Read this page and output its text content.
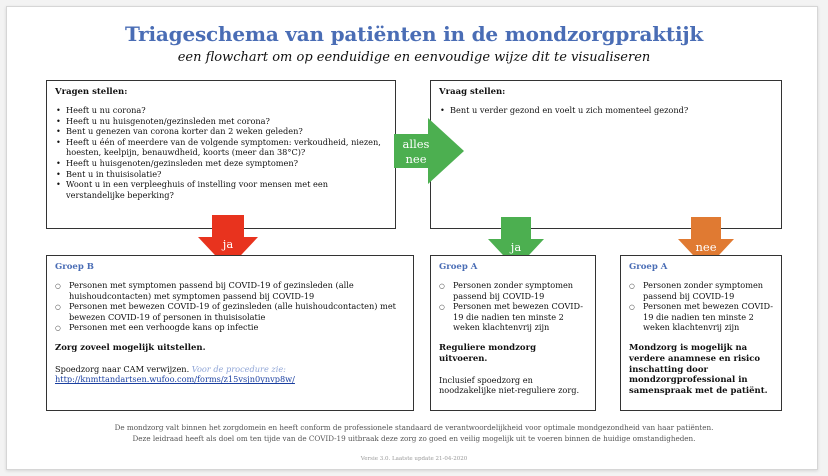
Triageschema van patiënten in de mondzorgpraktijk
een flowchart om op eenduidige en eenvoudige wijze dit te visualiseren
Vragen stellen:
• Heeft u nu corona?
• Heeft u nu huisgenoten/gezinsleden met corona?
• Bent u genezen van corona korter dan 2 weken geleden?
• Heeft u één of meerdere van de volgende symptomen: verkoudheid, niezen, hoesten, keelpijn, benauwdheid, koorts (meer dan 38°C)?
• Heeft u huisgenoten/gezinsleden met deze symptomen?
• Bent u in thuisisolatie?
• Woont u in een verpleeghuis of instelling voor mensen met een verstandelijke beperking?
Vraag stellen:
• Bent u verder gezond en voelt u zich momenteel gezond?
alles
nee
ja	ja	nee
Groep B
○ Personen met symptomen passend bij COVID-19 of gezinsleden (alle huishoudcontacten) met symptomen passend bij COVID-19
○ Personen met bewezen COVID-19 of gezinsleden (alle huishoudcontacten) met bewezen COVID-19 of personen in thuisisolatie
○ Personen met een verhoogde kans op infectie
Zorg zoveel mogelijk uitstellen.
Spoedzorg naar CAM verwijzen. Voor de procedure zie:
http://knmttandartsen.wufoo.com/forms/z15vsjn0ynvp8w/
Groep A
○ Personen zonder symptomen passend bij COVID-19
○ Personen met bewezen COVID-19 die nadien ten minste 2 weken klachtenvrij zijn
Reguliere mondzorg uitvoeren.
Inclusief spoedzorg en noodzakelijke niet-reguliere zorg.
Groep A
○ Personen zonder symptomen passend bij COVID-19
○ Personen met bewezen COVID-19 die nadien ten minste 2 weken klachtenvrij zijn
Mondzorg is mogelijk na verdere anamnese en risico inschatting door mondzorgprofessional in samenspraak met de patiënt.
De mondzorg valt binnen het zorgdomein en heeft conform de professionele standaard de verantwoordelijkheid voor optimale mondgezondheid van haar patiënten.
Deze leidraad heeft als doel om ten tijde van de COVID-19 uitbraak deze zorg zo goed en veilig mogelijk uit te voeren binnen de huidige omstandigheden.
Versie 3.0. Laatste update 21-04-2020
